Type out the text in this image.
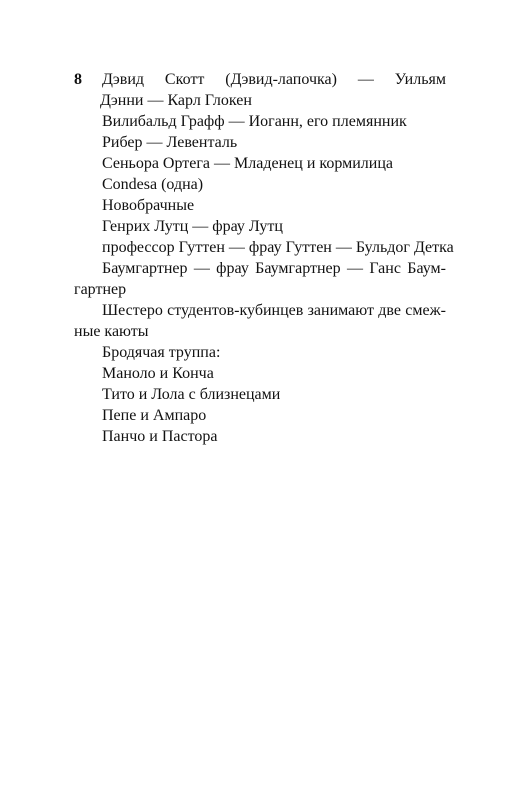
8 Дэвид Скотт (Дэвид-лапочка) — Уильям
Дэнни — Карл Глокен
Вилибальд Графф — Иоганн, его племянник
Рибер — Левенталь
Сеньора Ортега — Младенец и кормилица
Condesa (одна)
Новобрачные
Генрих Лутц — фрау Лутц
профессор Гуттен — фрау Гуттен — Бульдог Детка
Баумгартнер — фрау Баумгартнер — Ганс Баум-
гартнер
Шестеро студентов-кубинцев занимают две смеж-
ные каюты
Бродячая труппа:
Маноло и Конча
Тито и Лола с близнецами
Пепе и Ампаро
Панчо и Пастора
